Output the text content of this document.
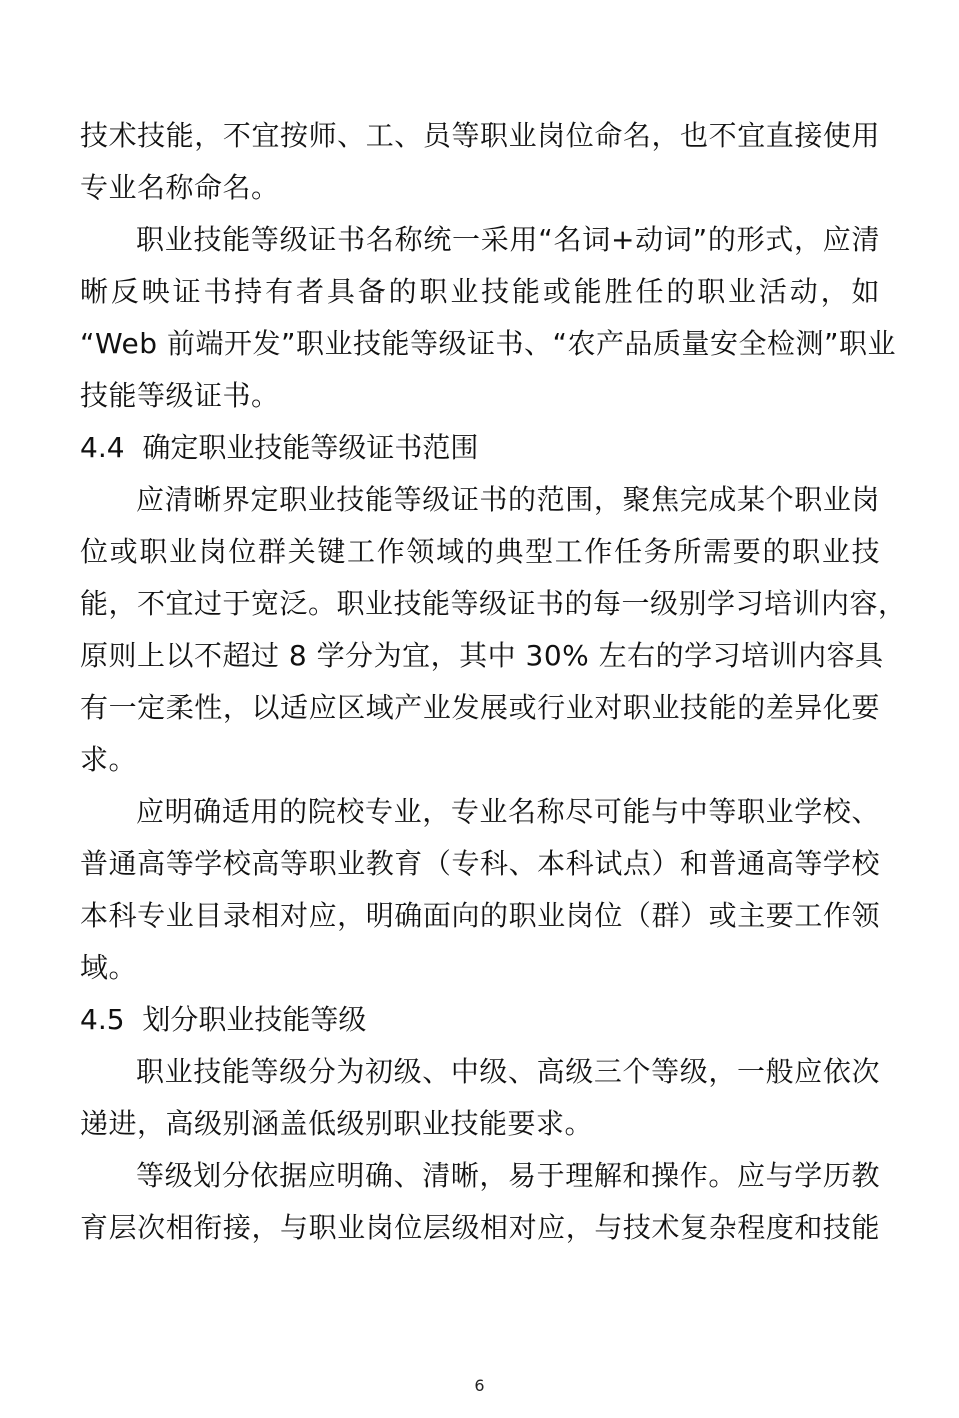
技术技能，不宜按师、工、员等职业岗位命名，也不宜直接使用
专业名称命名。
职业技能等级证书名称统一采用“名词+动词”的形式，应清
晰反映证书持有者具备的职业技能或能胜任的职业活动，如
“Web 前端开发”职业技能等级证书、“农产品质量安全检测”职业
技能等级证书。
4.4 确定职业技能等级证书范围
应清晰界定职业技能等级证书的范围，聚焦完成某个职业岗
位或职业岗位群关键工作领域的典型工作任务所需要的职业技
能，不宜过于宽泛。职业技能等级证书的每一级别学习培训内容，
原则上以不超过 8 学分为宜，其中 30% 左右的学习培训内容具
有一定柔性，以适应区域产业发展或行业对职业技能的差异化要
求。
应明确适用的院校专业，专业名称尽可能与中等职业学校、
普通高等学校高等职业教育（专科、本科试点）和普通高等学校
本科专业目录相对应，明确面向的职业岗位（群）或主要工作领
域。
4.5 划分职业技能等级
职业技能等级分为初级、中级、高级三个等级，一般应依次
递进，高级别涵盖低级别职业技能要求。
等级划分依据应明确、清晰，易于理解和操作。应与学历教
育层次相衔接，与职业岗位层级相对应，与技术复杂程度和技能
6
